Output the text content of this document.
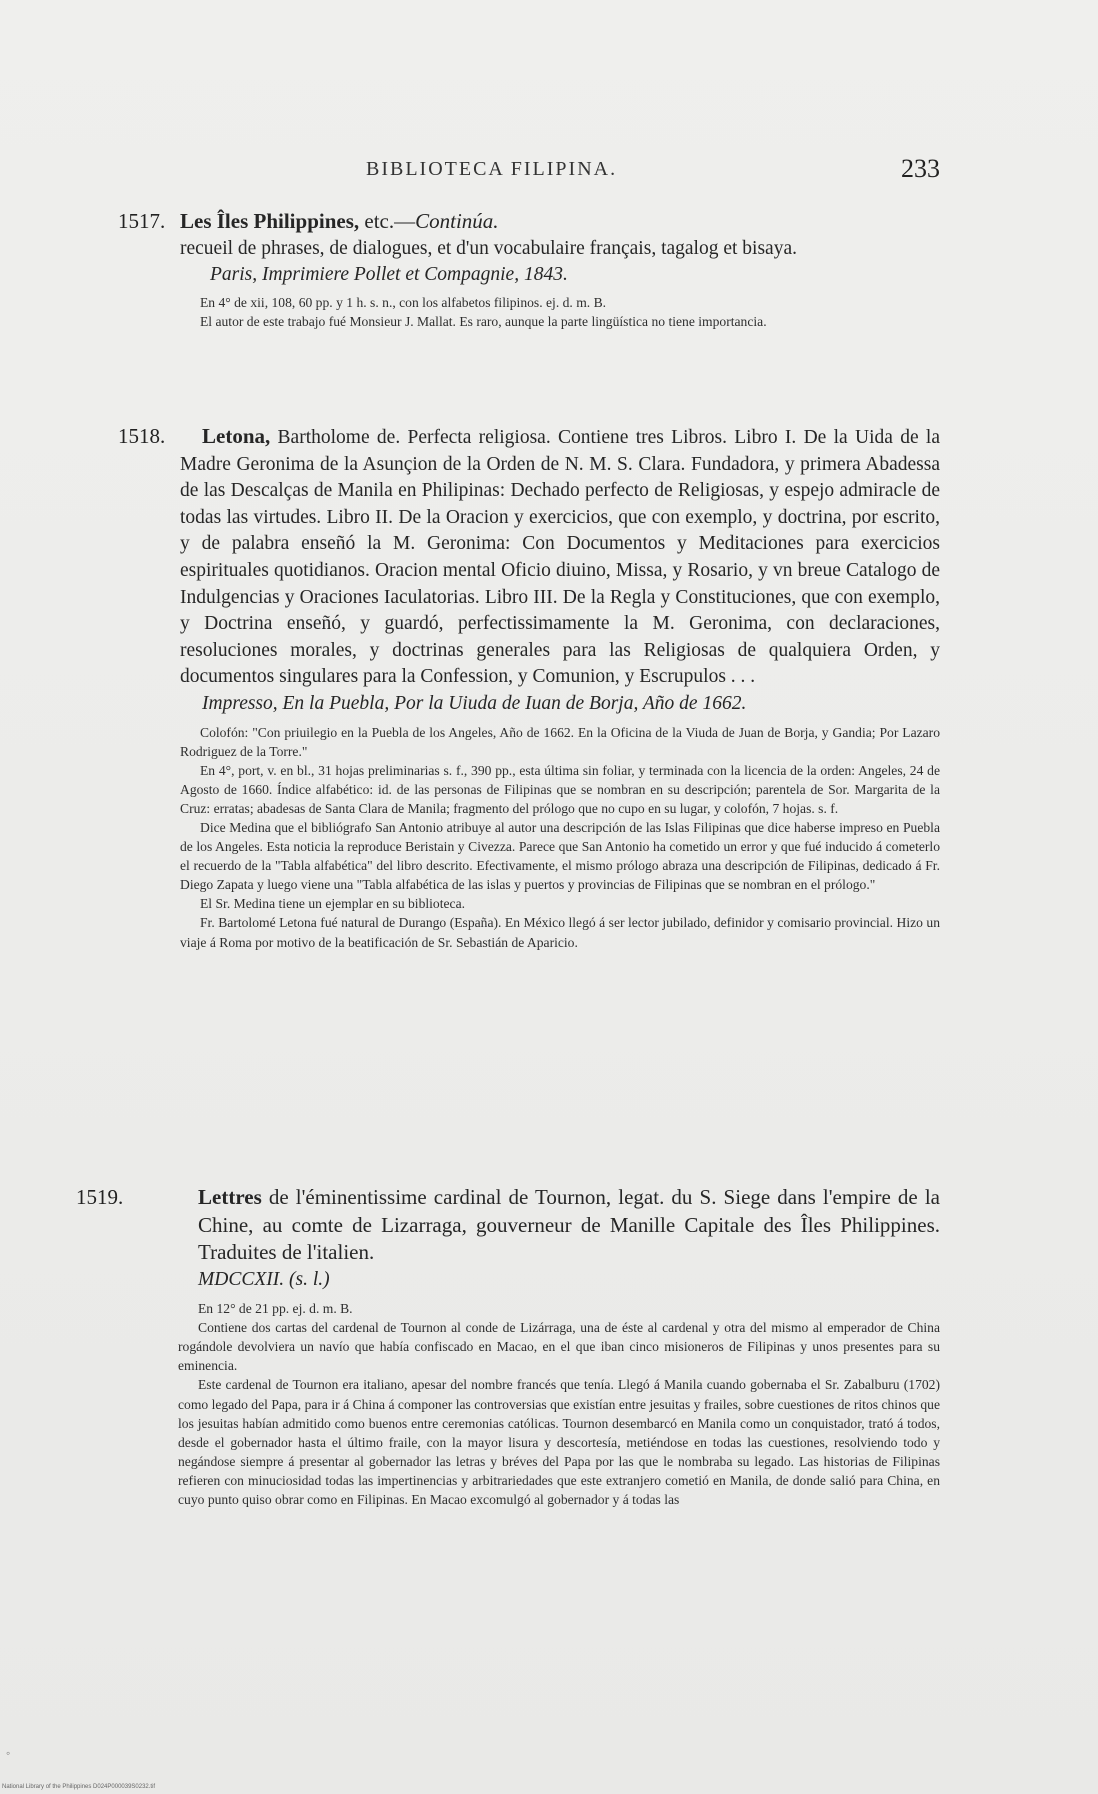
BIBLIOTECA FILIPINA.	233
1517. Les Îles Philippines, etc.—Continúa.

recueil de phrases, de dialogues, et d'un vocabulaire français, tagalog et bisaya.

Paris, Imprimiere Pollet et Compagnie, 1843.

En 4° de xii, 108, 60 pp. y 1 h. s. n., con los alfabetos filipinos. ej. d. m. B.

El autor de este trabajo fué Monsieur J. Mallat. Es raro, aunque la parte lingüística no tiene importancia.

1518.	Letona, Bartholome de. Perfecta religiosa. Contiene tres Libros. Libro I. De la Uida de la Madre Geronima de la Asunçion de la Orden de N. M. S. Clara. Fundadora, y primera Abadessa de las Descalças de Manila en Philipinas: Dechado perfecto de Religiosas, y espejo admiracle de todas las virtudes. Libro II. De la Oracion y exercicios, que con exemplo, y doctrina, por escrito, y de palabra enseñó la M. Geronima: Con Documentos y Meditaciones para exercicios espirituales quotidianos. Oracion mental Oficio diuino, Missa, y Rosario, y vn breue Catalogo de Indulgencias y Oraciones Iaculatorias. Libro III. De la Regla y Constituciones, que con exemplo, y Doctrina enseñó, y guardó, perfectissimamente la M. Geronima, con declaraciones, resoluciones morales, y doctrinas generales para las Religiosas de qualquiera Orden, y documentos singulares para la Confession, y Comunion, y Escrupulos . . .

Impresso, En la Puebla, Por la Uiuda de Iuan de Borja, Año de 1662.

Colofón: "Con priuilegio en la Puebla de los Angeles, Año de 1662. En la Oficina de la Viuda de Juan de Borja, y Gandia; Por Lazaro Rodriguez de la Torre."

En 4°, port, v. en bl., 31 hojas preliminarias s. f., 390 pp., esta última sin foliar, y terminada con la licencia de la orden: Angeles, 24 de Agosto de 1660. Índice alfabético: id. de las personas de Filipinas que se nombran en su descripción; parentela de Sor. Margarita de la Cruz: erratas; abadesas de Santa Clara de Manila; fragmento del prólogo que no cupo en su lugar, y colofón, 7 hojas. s. f.

Dice Medina que el bibliógrafo San Antonio atribuye al autor una descripción de las Islas Filipinas que dice haberse impreso en Puebla de los Angeles. Esta noticia la reproduce Beristain y Civezza. Parece que San Antonio ha cometido un error y que fué inducido á cometerlo el recuerdo de la "Tabla alfabética" del libro descrito. Efectivamente, el mismo prólogo abraza una descripción de Filipinas, dedicado á Fr. Diego Zapata y luego viene una "Tabla alfabética de las islas y puertos y provincias de Filipinas que se nombran en el prólogo."

El Sr. Medina tiene un ejemplar en su biblioteca.

Fr. Bartolomé Letona fué natural de Durango (España). En México llegó á ser lector jubilado, definidor y comisario provincial. Hizo un viaje á Roma por motivo de la beatificación de Sr. Sebastián de Aparicio.

1519.	Lettres de l'éminentissime cardinal de Tournon, legat. du S. Siege dans l'empire de la Chine, au comte de Lizarraga, gouverneur de Manille Capitale des Îles Philippines. Traduites de l'italien.

MDCCXII. (s. l.)

En 12° de 21 pp. ej. d. m. B.

Contiene dos cartas del cardenal de Tournon al conde de Lizárraga, una de éste al cardenal y otra del mismo al emperador de China rogándole devolviera un navío que había confiscado en Macao, en el que iban cinco misioneros de Filipinas y unos presentes para su eminencia.

Este cardenal de Tournon era italiano, apesar del nombre francés que tenía. Llegó á Manila cuando gobernaba el Sr. Zabalburu (1702) como legado del Papa, para ir á China á componer las controversias que existían entre jesuitas y frailes, sobre cuestiones de ritos chinos que los jesuitas habían admitido como buenos entre ceremonias católicas. Tournon desembarcó en Manila como un conquistador, trató á todos, desde el gobernador hasta el último fraile, con la mayor lisura y descortesía, metiéndose en todas las cuestiones, resolviendo todo y negándose siempre á presentar al gobernador las letras y bréves del Papa por las que le nombraba su legado. Las historias de Filipinas refieren con minuciosidad todas las impertinencias y arbitrariedades que este extranjero cometió en Manila, de donde salió para China, en cuyo punto quiso obrar como en Filipinas. En Macao excomulgó al gobernador y á todas las

◦
National Library of the Philippines D024P000039S0232.tif
